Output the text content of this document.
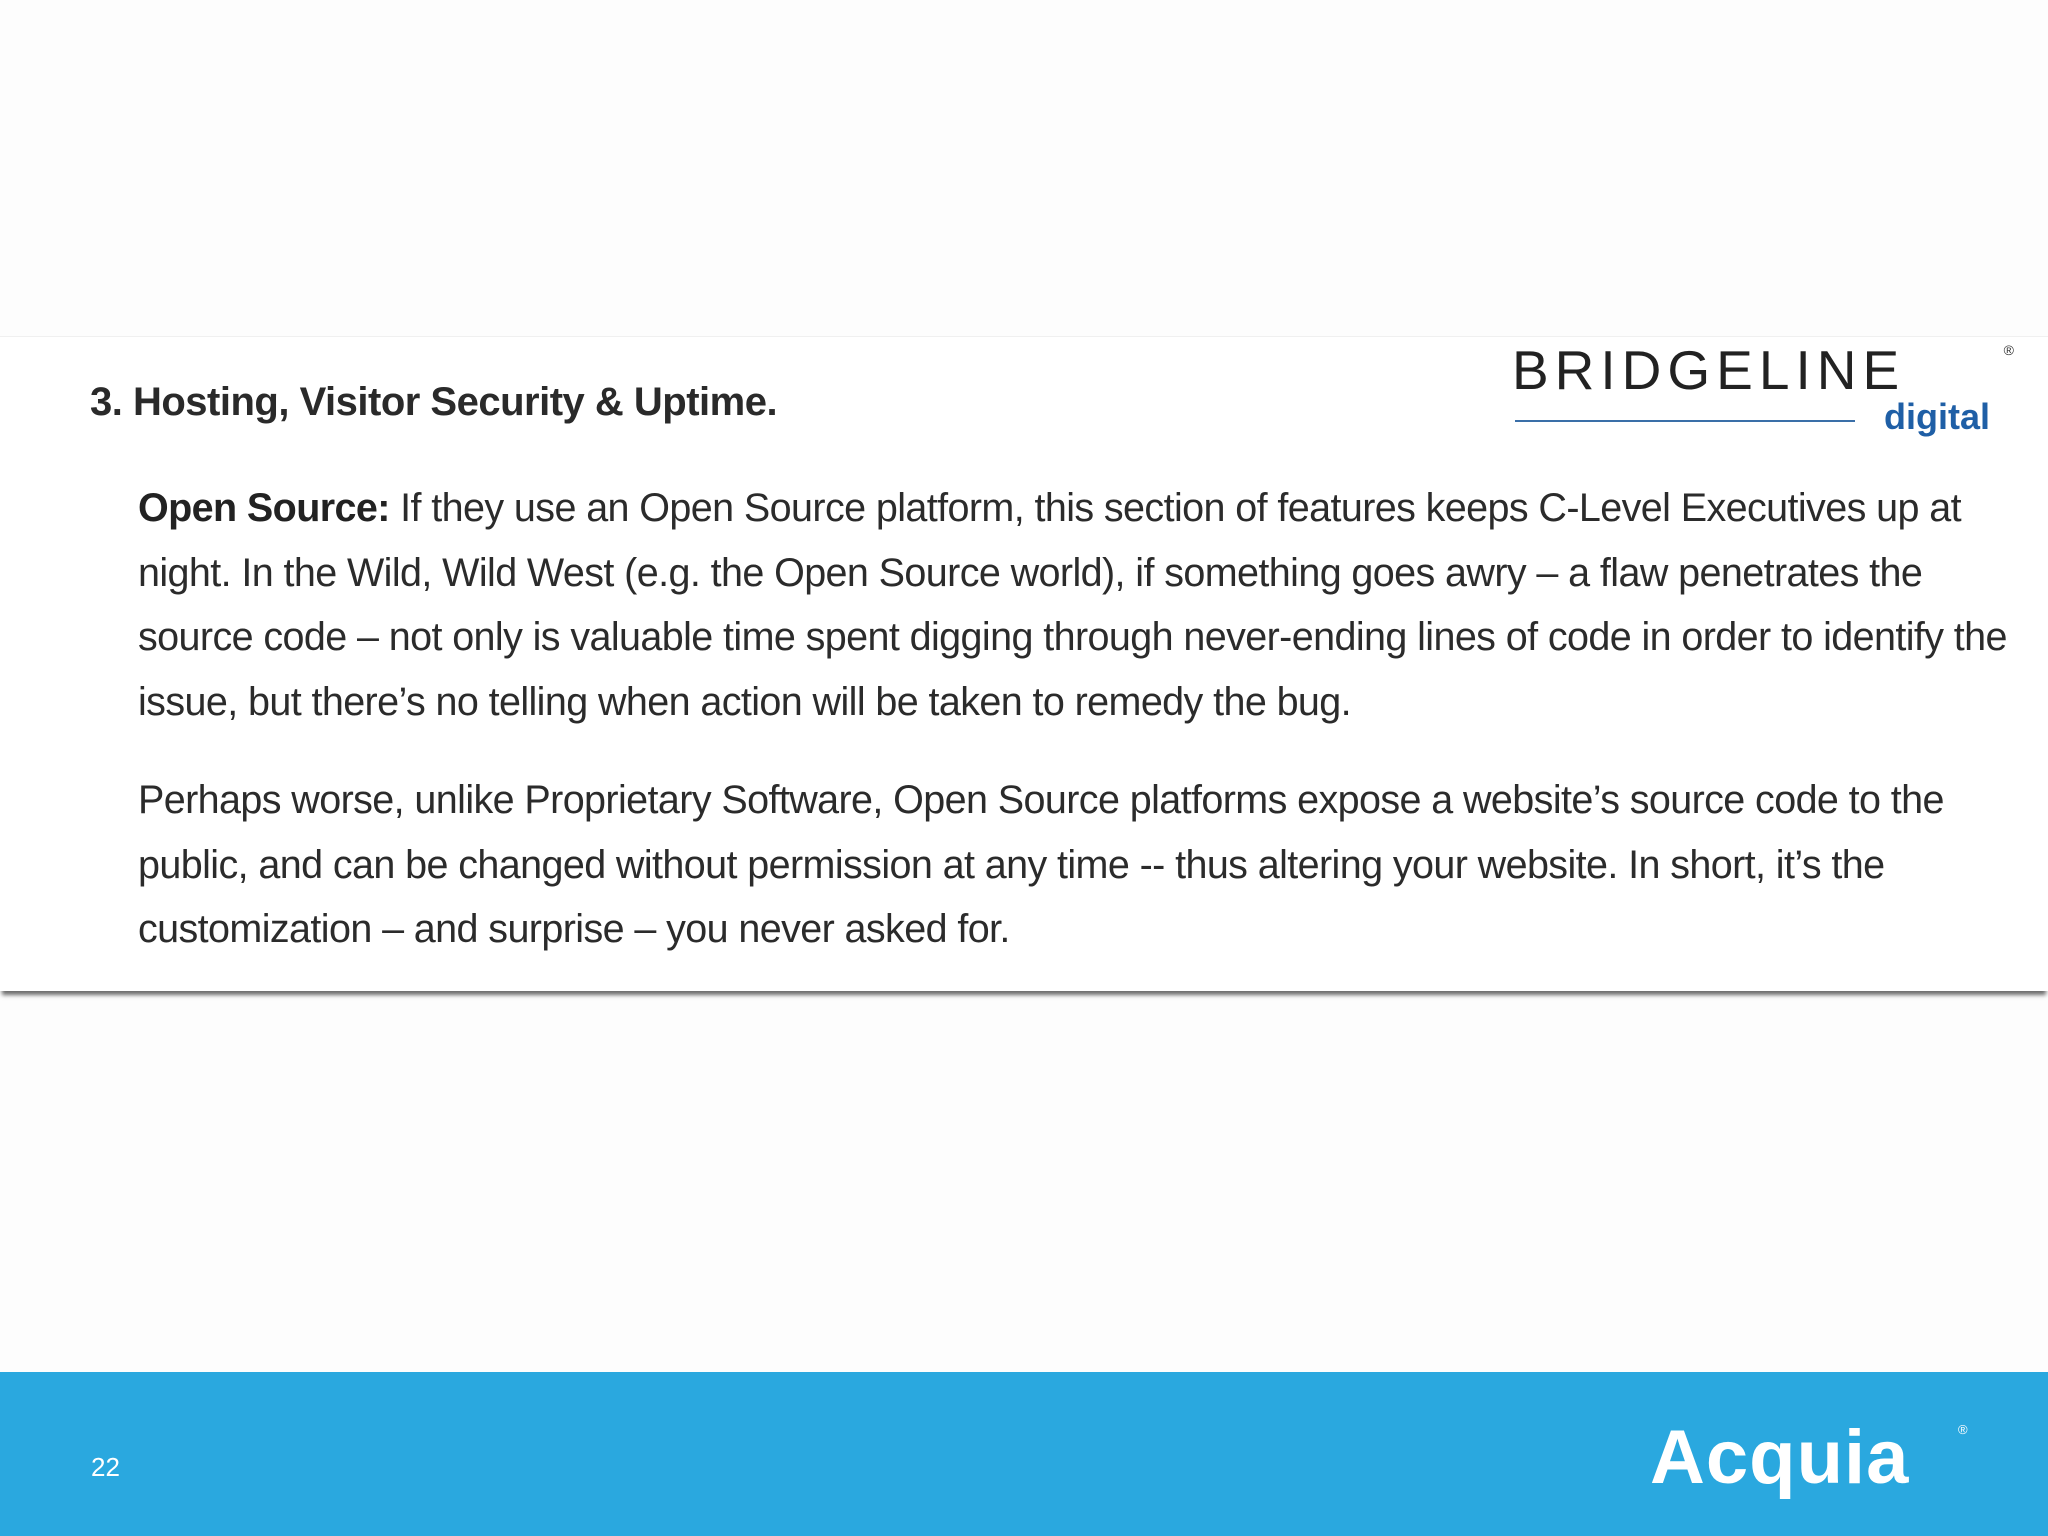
3. Hosting, Visitor Security & Uptime.
BRIDGELINE	®
digital

Open Source: If they use an Open Source platform, this section of features keeps C-Level Executives up at night. In the Wild, Wild West (e.g. the Open Source world), if something goes awry – a flaw penetrates the source code – not only is valuable time spent digging through never-ending lines of code in order to identify the issue, but there’s no telling when action will be taken to remedy the bug.

Perhaps worse, unlike Proprietary Software, Open Source platforms expose a website’s source code to the public, and can be changed without permission at any time -- thus altering your website. In short, it’s the customization – and surprise – you never asked for.

22	Acquia	®
